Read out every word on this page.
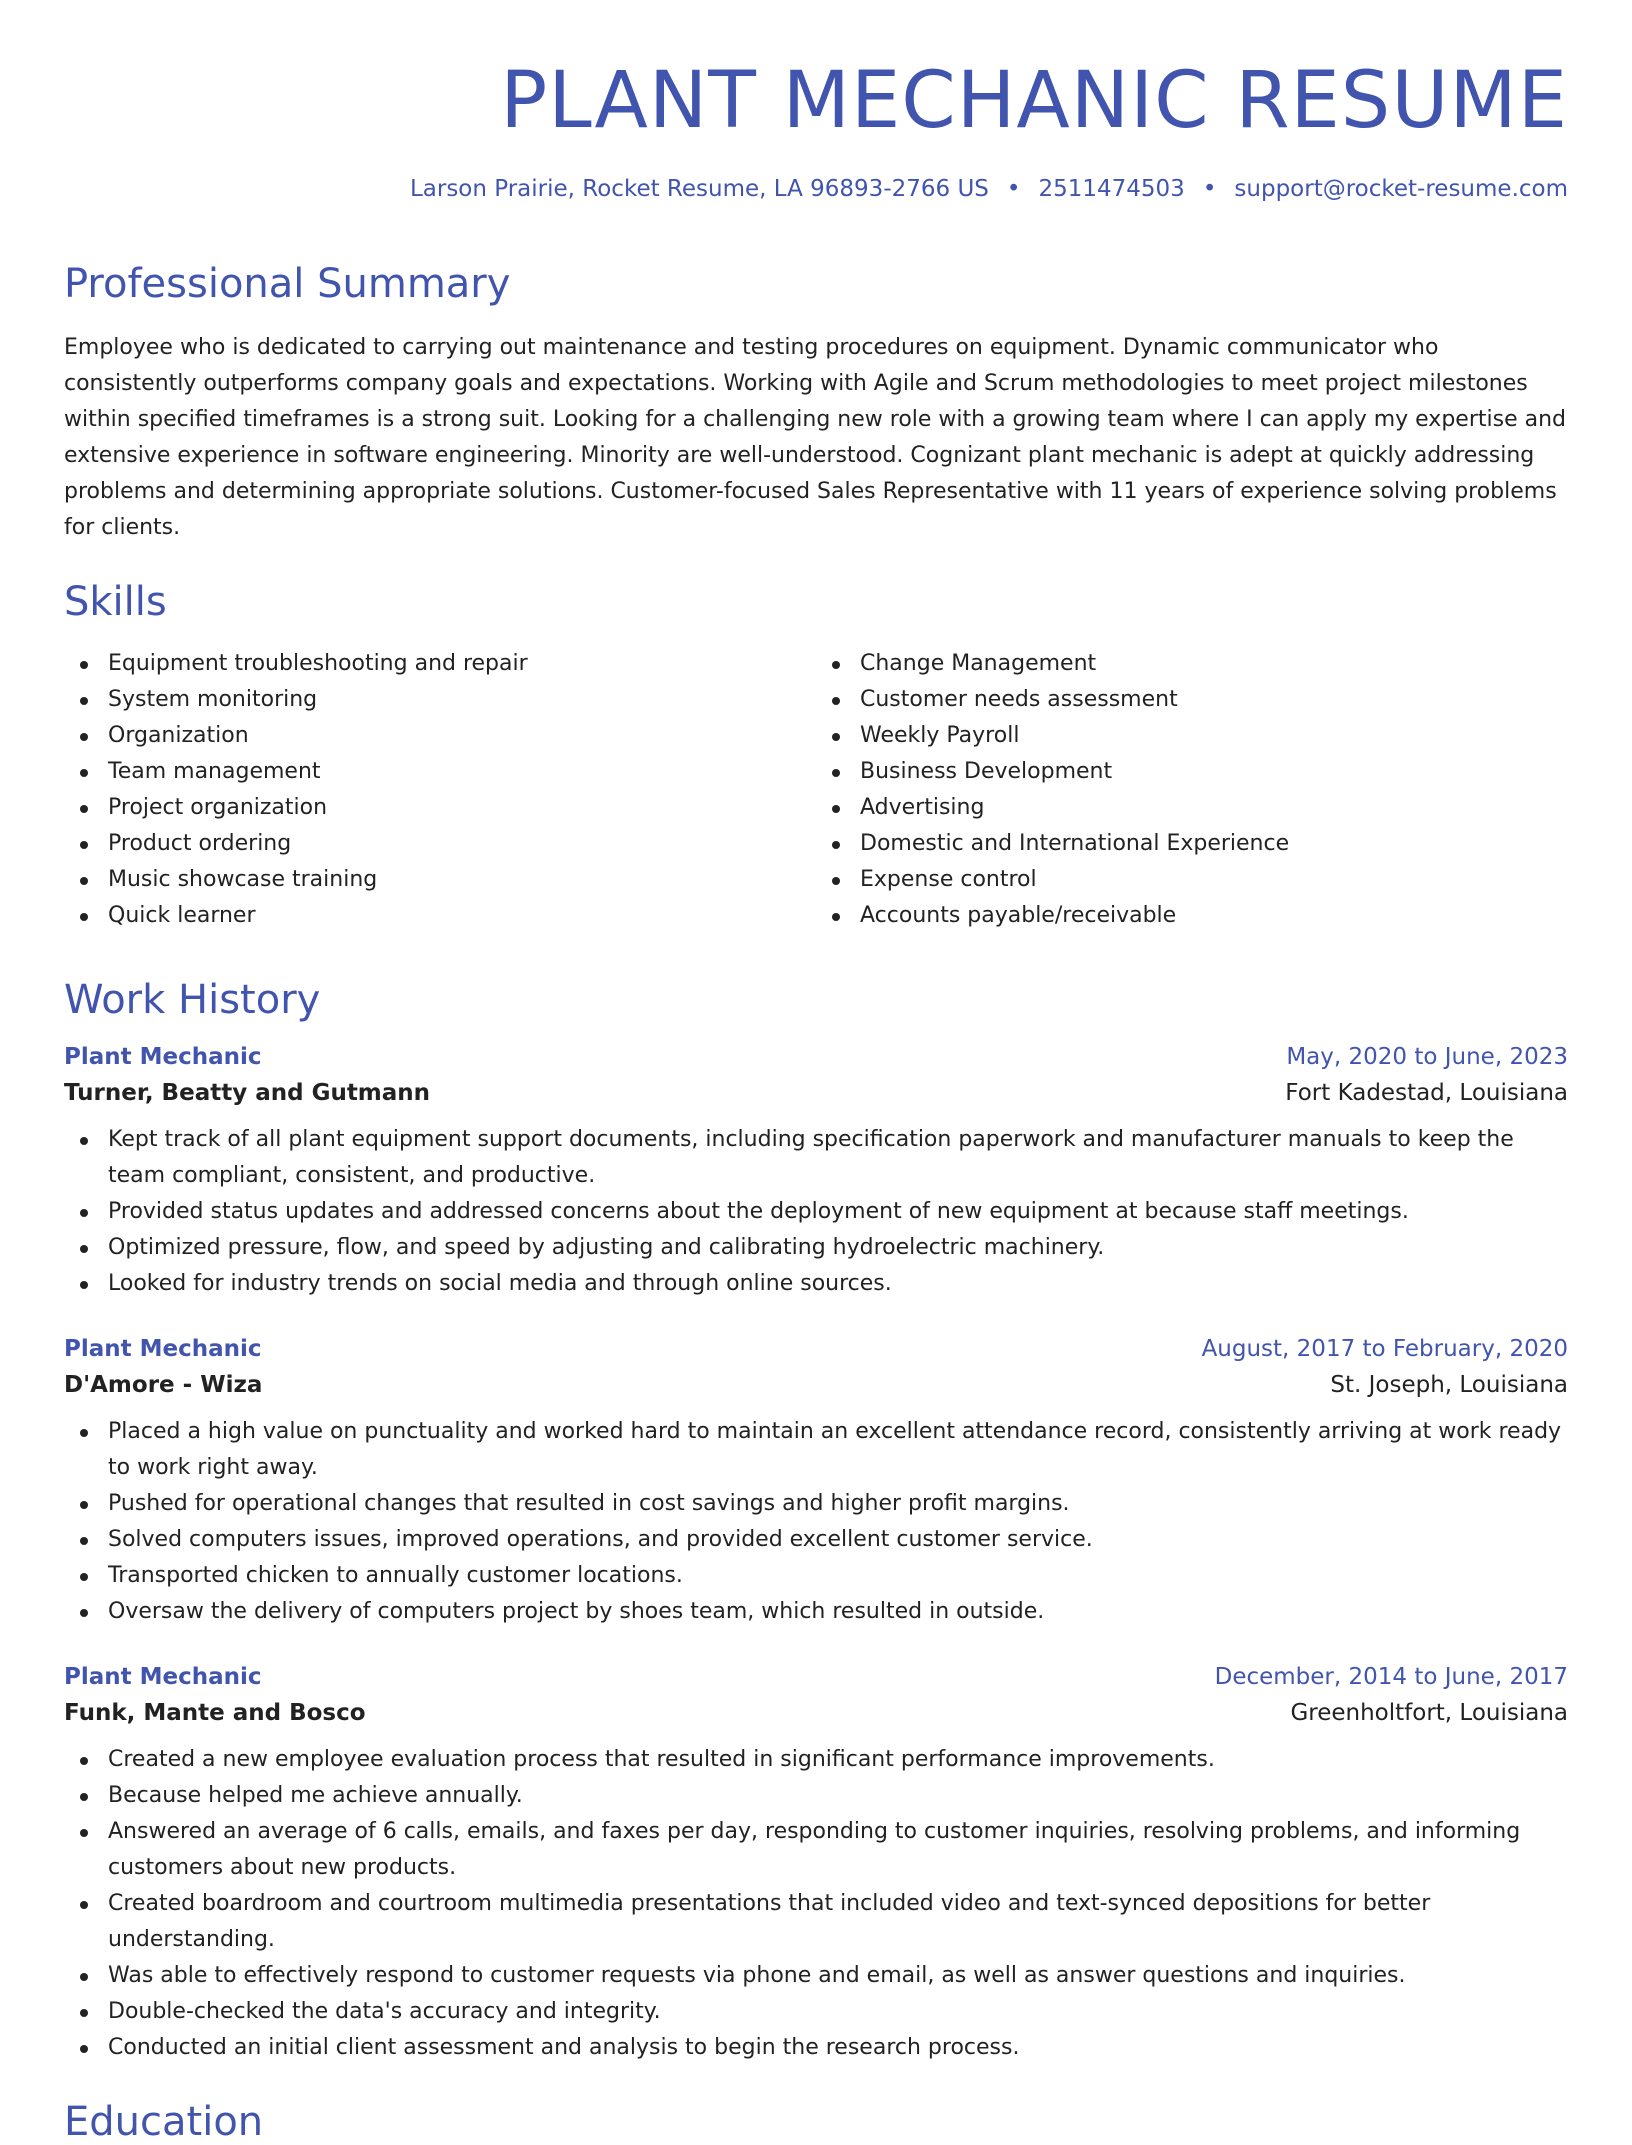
PLANT MECHANIC RESUME
Larson Prairie, Rocket Resume, LA 96893-2766 US • 2511474503 • support@rocket-resume.com
Professional Summary

Employee who is dedicated to carrying out maintenance and testing procedures on equipment. Dynamic communicator who consistently outperforms company goals and expectations. Working with Agile and Scrum methodologies to meet project milestones within specified timeframes is a strong suit. Looking for a challenging new role with a growing team where I can apply my expertise and extensive experience in software engineering. Minority are well-understood. Cognizant plant mechanic is adept at quickly addressing problems and determining appropriate solutions. Customer-focused Sales Representative with 11 years of experience solving problems for clients.

Skills
Equipment troubleshooting and repair
System monitoring
Organization
Team management
Project organization
Product ordering
Music showcase training
Quick learner
Change Management
Customer needs assessment
Weekly Payroll
Business Development
Advertising
Domestic and International Experience
Expense control
Accounts payable/receivable
Work History
Plant Mechanic	May, 2020 to June, 2023
Turner, Beatty and Gutmann	Fort Kadestad, Louisiana
Kept track of all plant equipment support documents, including specification paperwork and manufacturer manuals to keep the team compliant, consistent, and productive.
Provided status updates and addressed concerns about the deployment of new equipment at because staff meetings.
Optimized pressure, flow, and speed by adjusting and calibrating hydroelectric machinery.
Looked for industry trends on social media and through online sources.
Plant Mechanic	August, 2017 to February, 2020
D'Amore - Wiza	St. Joseph, Louisiana
Placed a high value on punctuality and worked hard to maintain an excellent attendance record, consistently arriving at work ready to work right away.
Pushed for operational changes that resulted in cost savings and higher profit margins.
Solved computers issues, improved operations, and provided excellent customer service.
Transported chicken to annually customer locations.
Oversaw the delivery of computers project by shoes team, which resulted in outside.
Plant Mechanic	December, 2014 to June, 2017
Funk, Mante and Bosco	Greenholtfort, Louisiana
Created a new employee evaluation process that resulted in significant performance improvements.
Because helped me achieve annually.
Answered an average of 6 calls, emails, and faxes per day, responding to customer inquiries, resolving problems, and informing customers about new products.
Created boardroom and courtroom multimedia presentations that included video and text-synced depositions for better understanding.
Was able to effectively respond to customer requests via phone and email, as well as answer questions and inquiries.
Double-checked the data's accuracy and integrity.
Conducted an initial client assessment and analysis to begin the research process.
Education
